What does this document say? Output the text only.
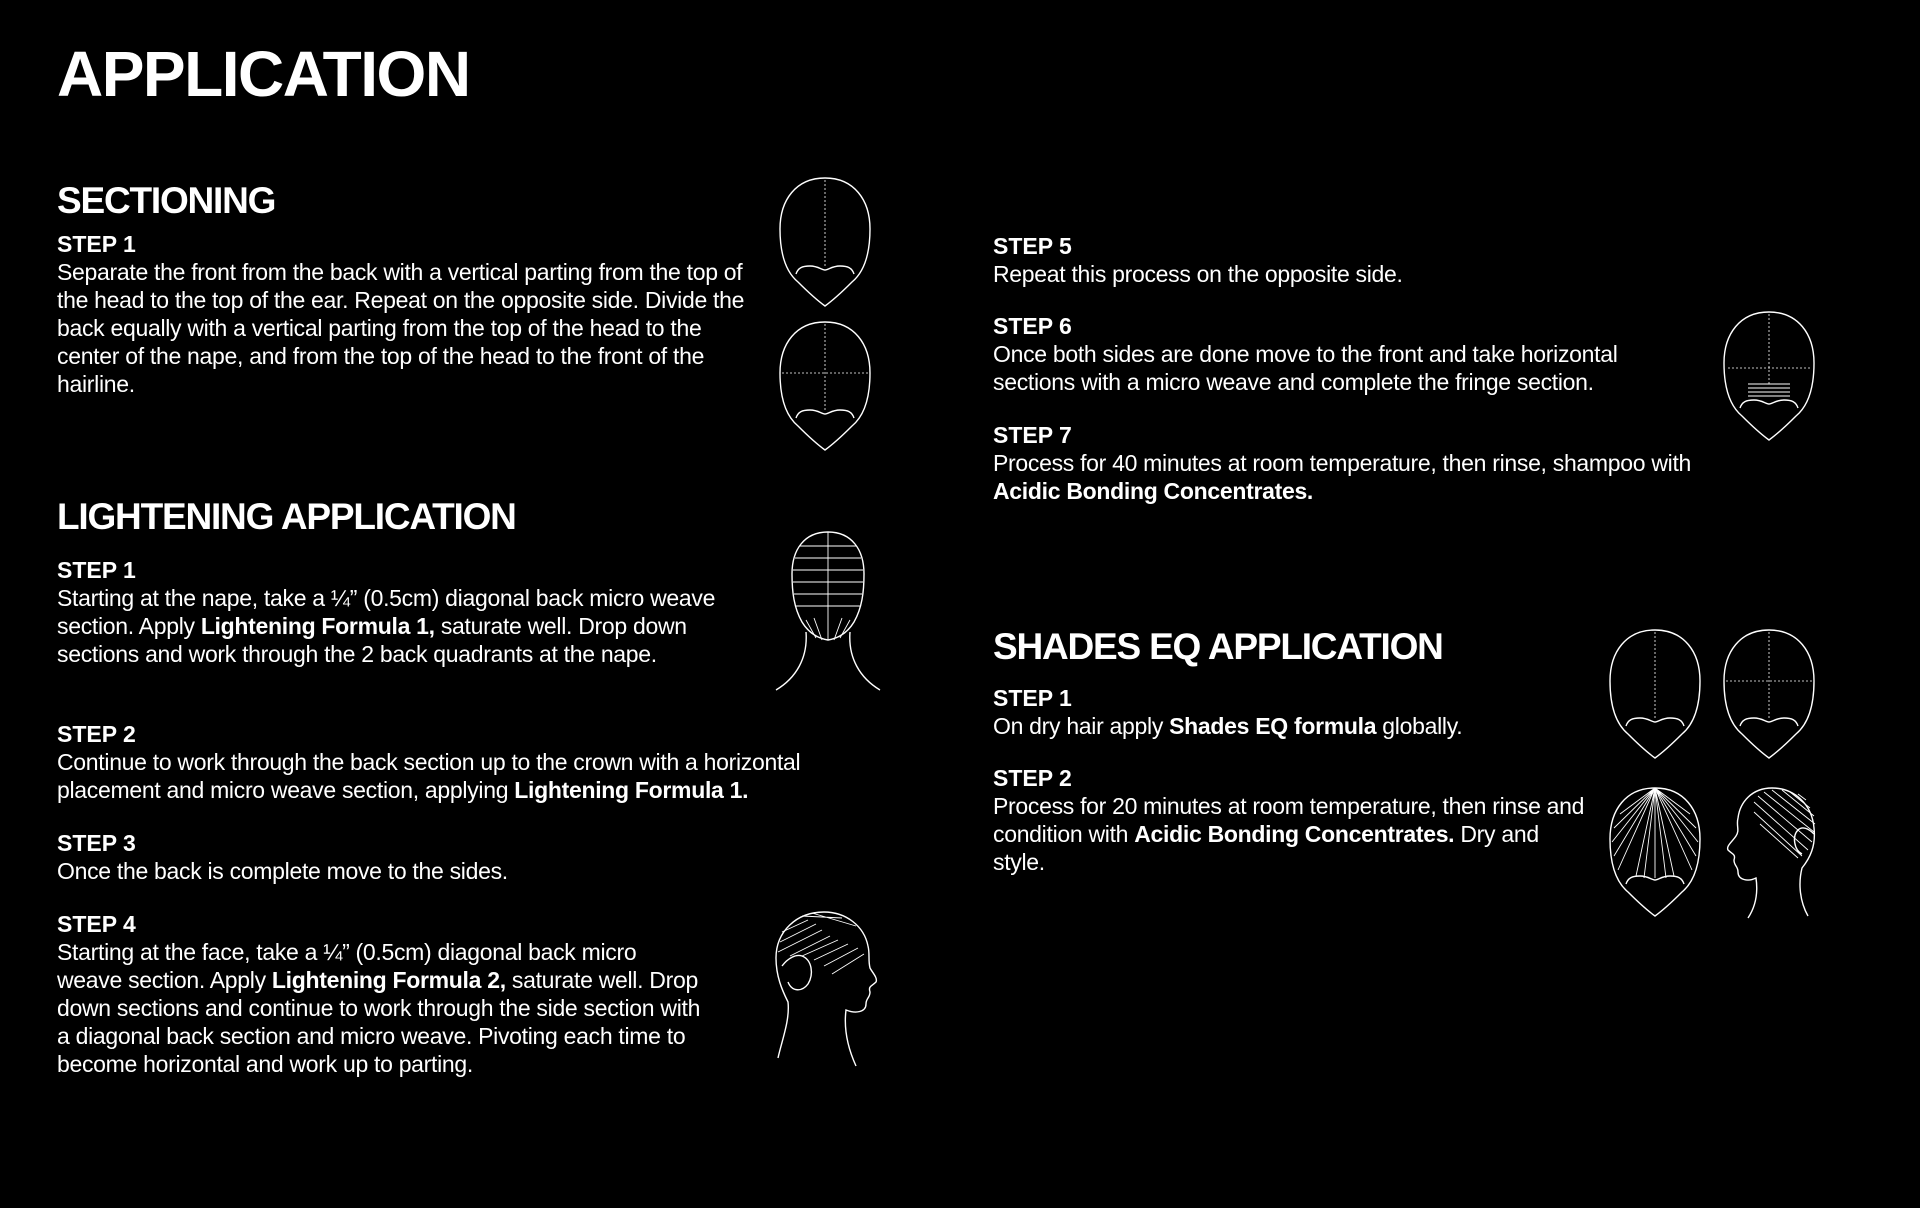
APPLICATION
SECTIONING
STEP 1
Separate the front from the back with a vertical parting from the top of the head to the top of the ear. Repeat on the opposite side. Divide the back equally with a vertical parting from the top of the head to the center of the nape, and from the top of the head to the front of the hairline.
LIGHTENING APPLICATION
STEP 1
Starting at the nape, take a ¼” (0.5cm) diagonal back micro weave section. Apply Lightening Formula 1, saturate well. Drop down sections and work through the 2 back quadrants at the nape.
STEP 2
Continue to work through the back section up to the crown with a horizontal placement and micro weave section, applying Lightening Formula 1.
STEP 3
Once the back is complete move to the sides.
STEP 4
Starting at the face, take a ¼” (0.5cm) diagonal back micro weave section. Apply Lightening Formula 2, saturate well. Drop down sections and continue to work through the side section with a diagonal back section and micro weave. Pivoting each time to become horizontal and work up to parting.
STEP 5
Repeat this process on the opposite side.
STEP 6
Once both sides are done move to the front and take horizontal sections with a micro weave and complete the fringe section.
STEP 7
Process for 40 minutes at room temperature, then rinse, shampoo with Acidic Bonding Concentrates.
SHADES EQ APPLICATION
STEP 1
On dry hair apply Shades EQ formula globally.
STEP 2
Process for 20 minutes at room temperature, then rinse and condition with Acidic Bonding Concentrates. Dry and style.
